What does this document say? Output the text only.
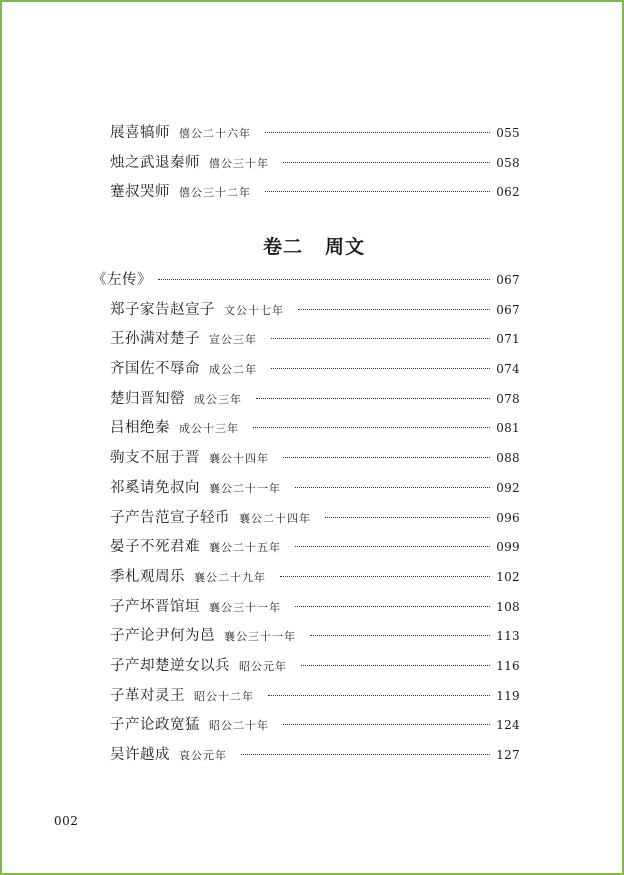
展喜犒师 僖公二十六年	055
烛之武退秦师 僖公三十年	058
蹇叔哭师 僖公三十二年	062
卷二 周文
《左传》	067
郑子家告赵宣子 文公十七年	067
王孙满对楚子 宣公三年	071
齐国佐不辱命 成公二年	074
楚归晋知罃 成公三年	078
吕相绝秦 成公十三年	081
驹支不屈于晋 襄公十四年	088
祁奚请免叔向 襄公二十一年	092
子产告范宣子轻币 襄公二十四年	096
晏子不死君难 襄公二十五年	099
季札观周乐 襄公二十九年	102
子产坏晋馆垣 襄公三十一年	108
子产论尹何为邑 襄公三十一年	113
子产却楚逆女以兵 昭公元年	116
子革对灵王 昭公十二年	119
子产论政宽猛 昭公二十年	124
吴许越成 哀公元年	127
002
